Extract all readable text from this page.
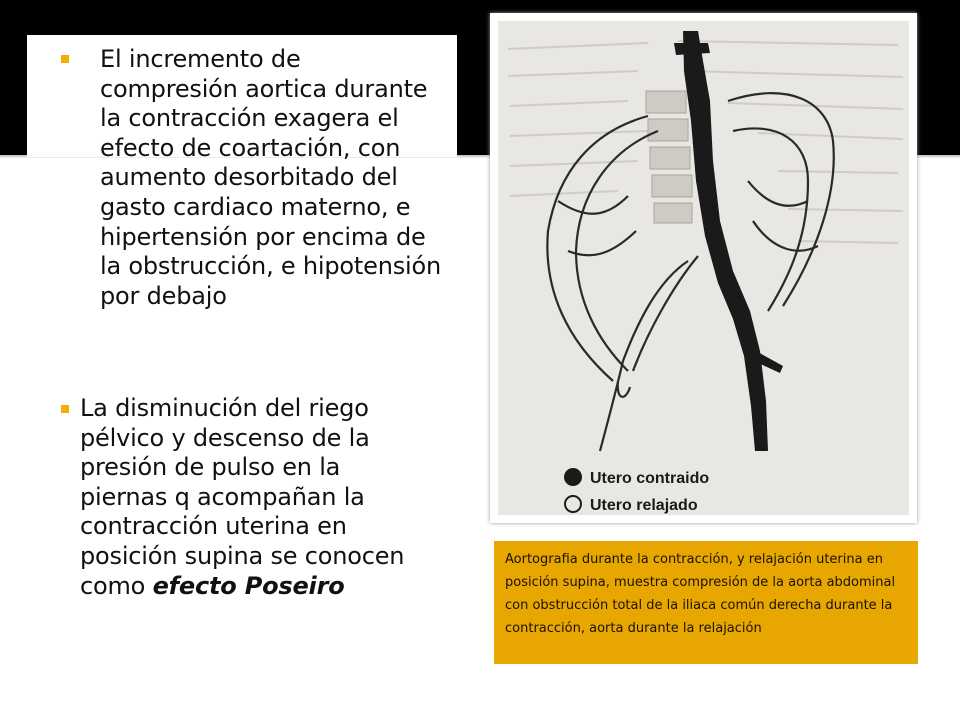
El incremento de compresión aortica durante la contracción exagera el efecto de coartación, con aumento desorbitado del gasto cardiaco materno, e hipertensión por encima de la obstrucción, e hipotensión por debajo
La disminución del riego pélvico y descenso de la presión de pulso en la piernas q acompañan la contracción uterina en posición supina se conocen como efecto Poseiro
Utero contraido
Utero relajado
Aortografia durante la contracción, y relajación uterina en posición supina, muestra compresión de la aorta abdominal con obstrucción total de la iliaca común derecha durante la contracción, aorta durante la relajación
